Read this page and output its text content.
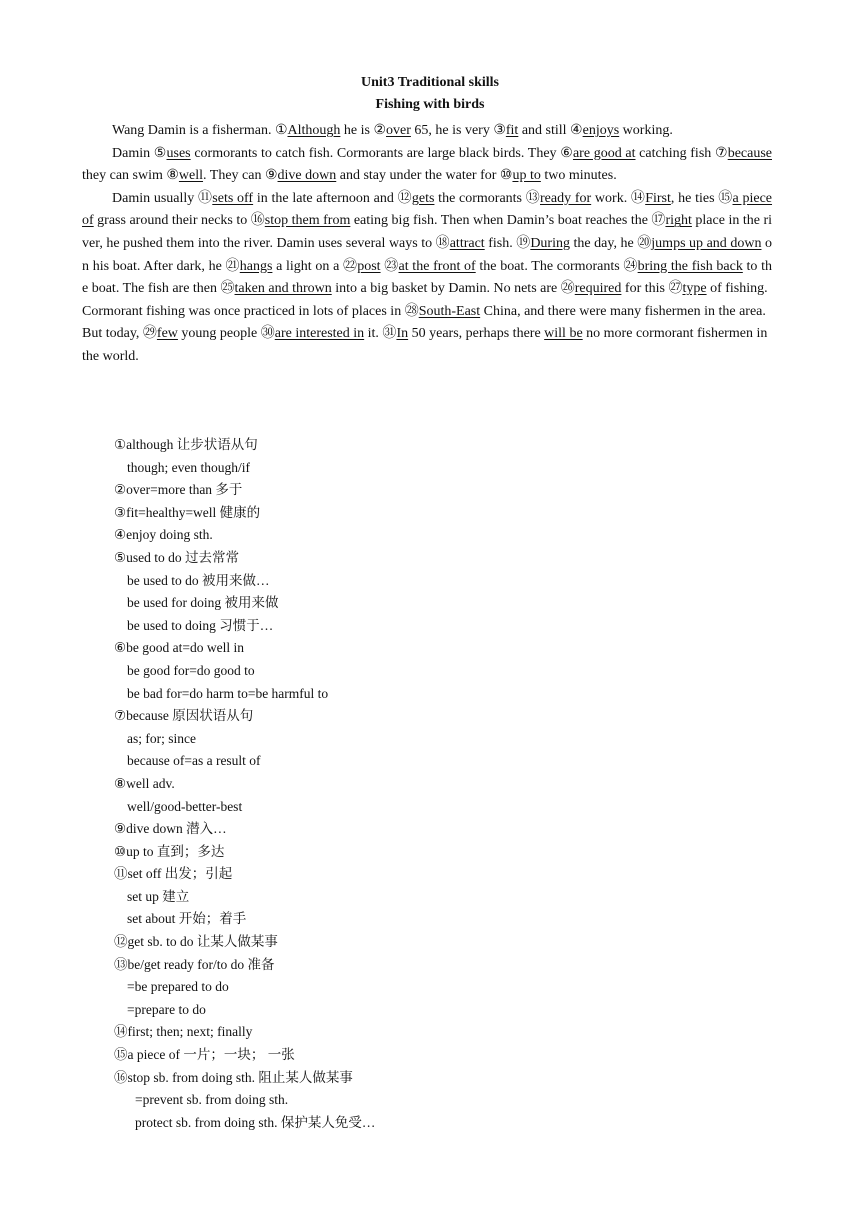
Unit3 Traditional skills
Fishing with birds

Wang Damin is a fisherman. ①Although he is ②over 65, he is very ③fit and still ④enjoys working.

Damin ⑤uses cormorants to catch fish. Cormorants are large black birds. They ⑥are good at catching fish ⑦because they can swim ⑧well. They can ⑨dive down and stay under the water for ⑩up to two minutes.

Damin usually ⑪sets off in the late afternoon and ⑫gets the cormorants ⑬ready for work. ⑭First, he ties ⑮a piece of grass around their necks to ⑯stop them from eating big fish. Then when Damin’s boat reaches the ⑰right place in the river, he pushed them into the river. Damin uses several ways to ⑱attract fish. ⑲During the day, he ⑳jumps up and down on his boat. After dark, he ㉑hangs a light on a ㉒post ㉓at the front of the boat. The cormorants ㉔bring the fish back to the boat. The fish are then ㉕taken and thrown into a big basket by Damin. No nets are ㉖required for this ㉗type of fishing.

Cormorant fishing was once practiced in lots of places in ㉘South-East China, and there were many fishermen in the area. But today, ㉙few young people ㉚are interested in it. ㉛In 50 years, perhaps there will be no more cormorant fishermen in the world.

①although 让步状语从句
though; even though/if
②over=more than 多于
③fit=healthy=well 健康的
④enjoy doing sth.
⑤used to do 过去常常
be used to do 被用来做…
be used for doing 被用来做
be used to doing 习惯于…
⑥be good at=do well in
be good for=do good to
be bad for=do harm to=be harmful to
⑦because 原因状语从句
as; for; since
because of=as a result of
⑧well adv.
well/good-better-best
⑨dive down 潜入…
⑩up to 直到；多达
⑪set off 出发；引起
set up 建立
set about 开始；着手
⑫get sb. to do 让某人做某事
⑬be/get ready for/to do 准备
=be prepared to do
=prepare to do
⑭first; then; next; finally
⑮a piece of 一片；一块； 一张
⑯stop sb. from doing sth. 阻止某人做某事
=prevent sb. from doing sth.
protect sb. from doing sth. 保护某人免受…
